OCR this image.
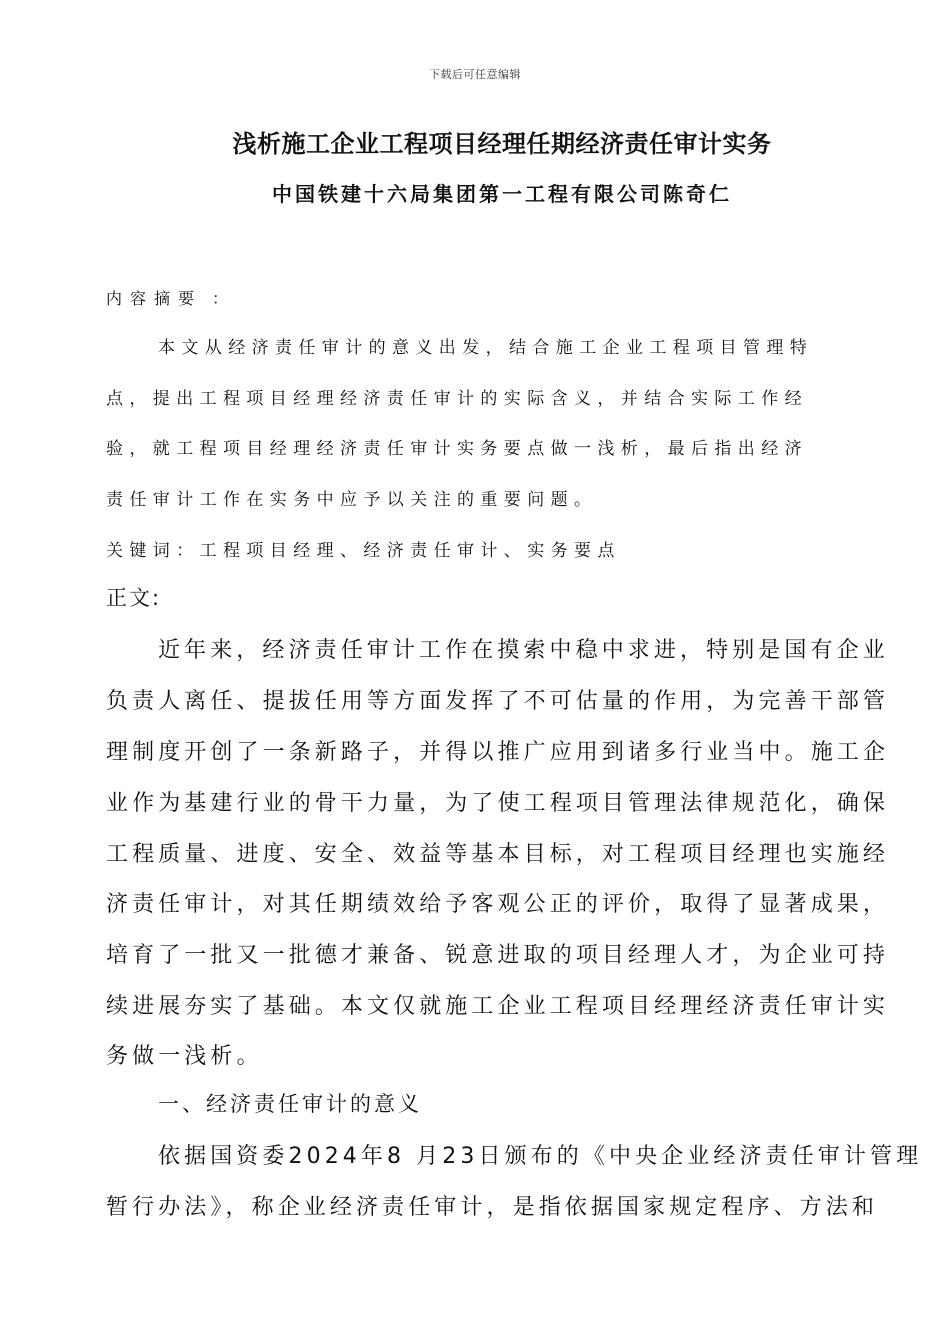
下载后可任意编辑
浅析施工企业工程项目经理任期经济责任审计实务
中国铁建十六局集团第一工程有限公司陈奇仁
内容摘要 ：
本文从经济责任审计的意义出发，结合施工企业工程项目管理特
点，提出工程项目经理经济责任审计的实际含义，并结合实际工作经
验，就工程项目经理经济责任审计实务要点做一浅析，最后指出经济
责任审计工作在实务中应予以关注的重要问题。
关键词：工程项目经理、经济责任审计、实务要点
正文:
近年来，经济责任审计工作在摸索中稳中求进，特别是国有企业
负责人离任、提拔任用等方面发挥了不可估量的作用，为完善干部管
理制度开创了一条新路子，并得以推广应用到诸多行业当中。施工企
业作为基建行业的骨干力量，为了使工程项目管理法律规范化，确保
工程质量、进度、安全、效益等基本目标，对工程项目经理也实施经
济责任审计，对其任期绩效给予客观公正的评价，取得了显著成果，
培育了一批又一批德才兼备、锐意进取的项目经理人才，为企业可持
续进展夯实了基础。本文仅就施工企业工程项目经理经济责任审计实
务做一浅析。
一、经济责任审计的意义
依据国资委2024年8 月23日颁布的《中央企业经济责任审计管理
暂行办法》，称企业经济责任审计，是指依据国家规定程序、方法和
